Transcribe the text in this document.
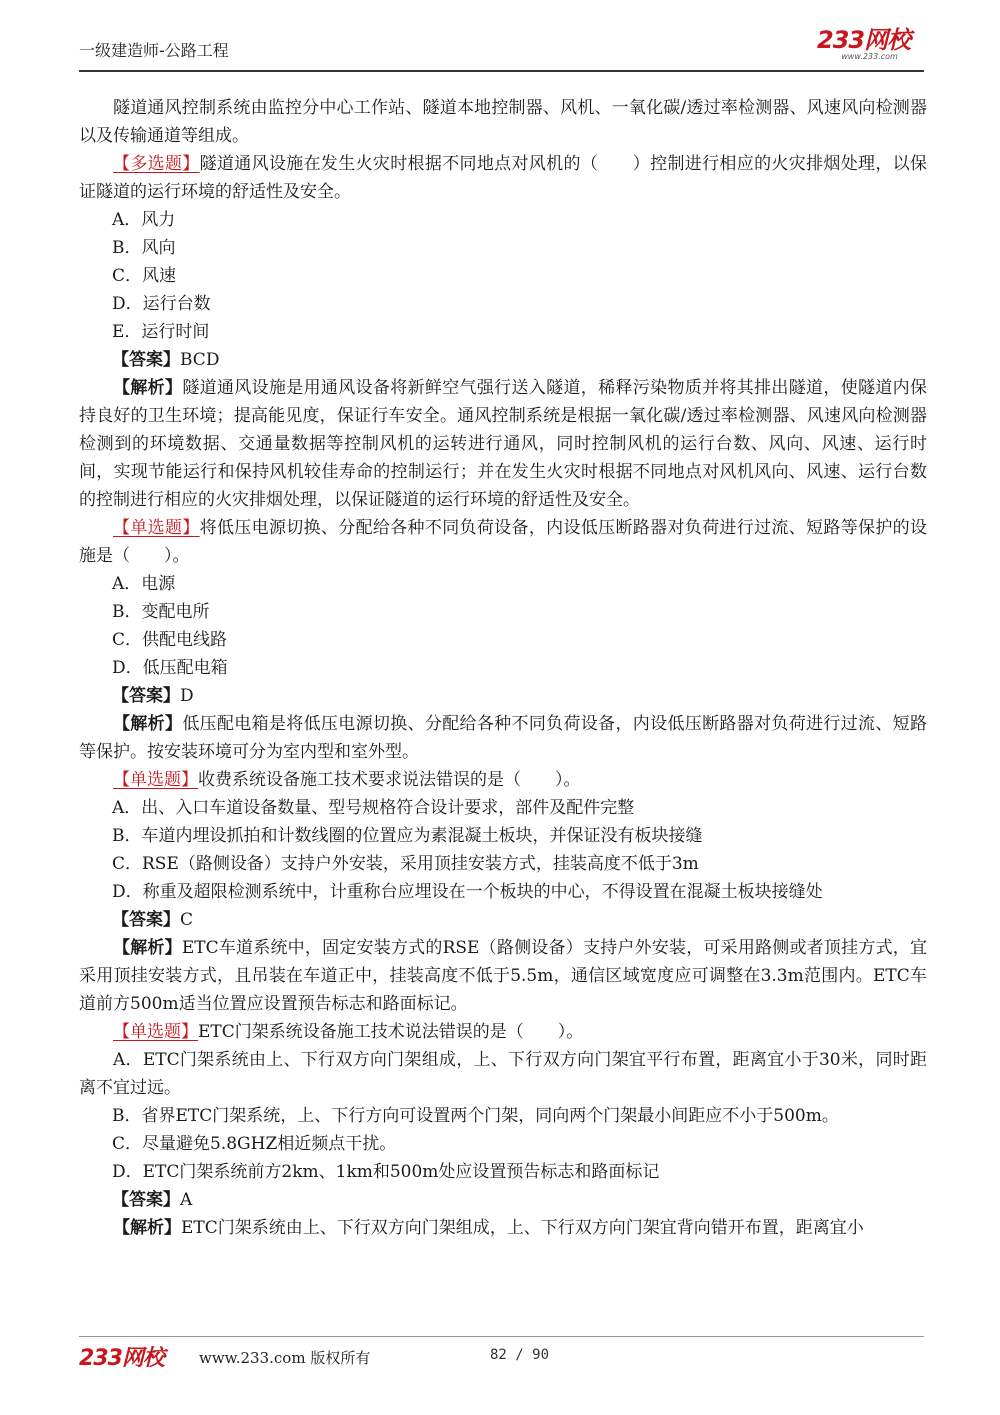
一级建造师-公路工程	233网校
www.233.com

隧道通风控制系统由监控分中心工作站、隧道本地控制器、风机、一氧化碳/透过率检测器、风速风向检测器以及传输通道等组成。

【多选题】隧道通风设施在发生火灾时根据不同地点对风机的（　　）控制进行相应的火灾排烟处理，以保证隧道的运行环境的舒适性及安全。

A．风力

B．风向

C．风速

D．运行台数

E．运行时间

【答案】BCD

【解析】隧道通风设施是用通风设备将新鲜空气强行送入隧道，稀释污染物质并将其排出隧道，使隧道内保持良好的卫生环境；提高能见度，保证行车安全。通风控制系统是根据一氧化碳/透过率检测器、风速风向检测器检测到的环境数据、交通量数据等控制风机的运转进行通风，同时控制风机的运行台数、风向、风速、运行时间，实现节能运行和保持风机较佳寿命的控制运行；并在发生火灾时根据不同地点对风机风向、风速、运行台数的控制进行相应的火灾排烟处理，以保证隧道的运行环境的舒适性及安全。

【单选题】将低压电源切换、分配给各种不同负荷设备，内设低压断路器对负荷进行过流、短路等保护的设施是（　　）。

A．电源

B．变配电所

C．供配电线路

D．低压配电箱

【答案】D

【解析】低压配电箱是将低压电源切换、分配给各种不同负荷设备，内设低压断路器对负荷进行过流、短路等保护。按安装环境可分为室内型和室外型。

【单选题】收费系统设备施工技术要求说法错误的是（　　）。

A．出、入口车道设备数量、型号规格符合设计要求，部件及配件完整

B．车道内埋设抓拍和计数线圈的位置应为素混凝土板块，并保证没有板块接缝

C．RSE（路侧设备）支持户外安装，采用顶挂安装方式，挂装高度不低于3m

D．称重及超限检测系统中，计重称台应埋设在一个板块的中心，不得设置在混凝土板块接缝处

【答案】C

【解析】ETC车道系统中，固定安装方式的RSE（路侧设备）支持户外安装，可采用路侧或者顶挂方式，宜采用顶挂安装方式，且吊装在车道正中，挂装高度不低于5.5m，通信区域宽度应可调整在3.3m范围内。ETC车道前方500m适当位置应设置预告标志和路面标记。

【单选题】ETC门架系统设备施工技术说法错误的是（　　）。

A．ETC门架系统由上、下行双方向门架组成，上、下行双方向门架宜平行布置，距离宜小于30米，同时距离不宜过远。

B．省界ETC门架系统，上、下行方向可设置两个门架，同向两个门架最小间距应不小于500m。

C．尽量避免5.8GHZ相近频点干扰。

D．ETC门架系统前方2km、1km和500m处应设置预告标志和路面标记

【答案】A

【解析】ETC门架系统由上、下行双方向门架组成，上、下行双方向门架宜背向错开布置，距离宜小

233网校 www.233.com 版权所有	82 / 90
